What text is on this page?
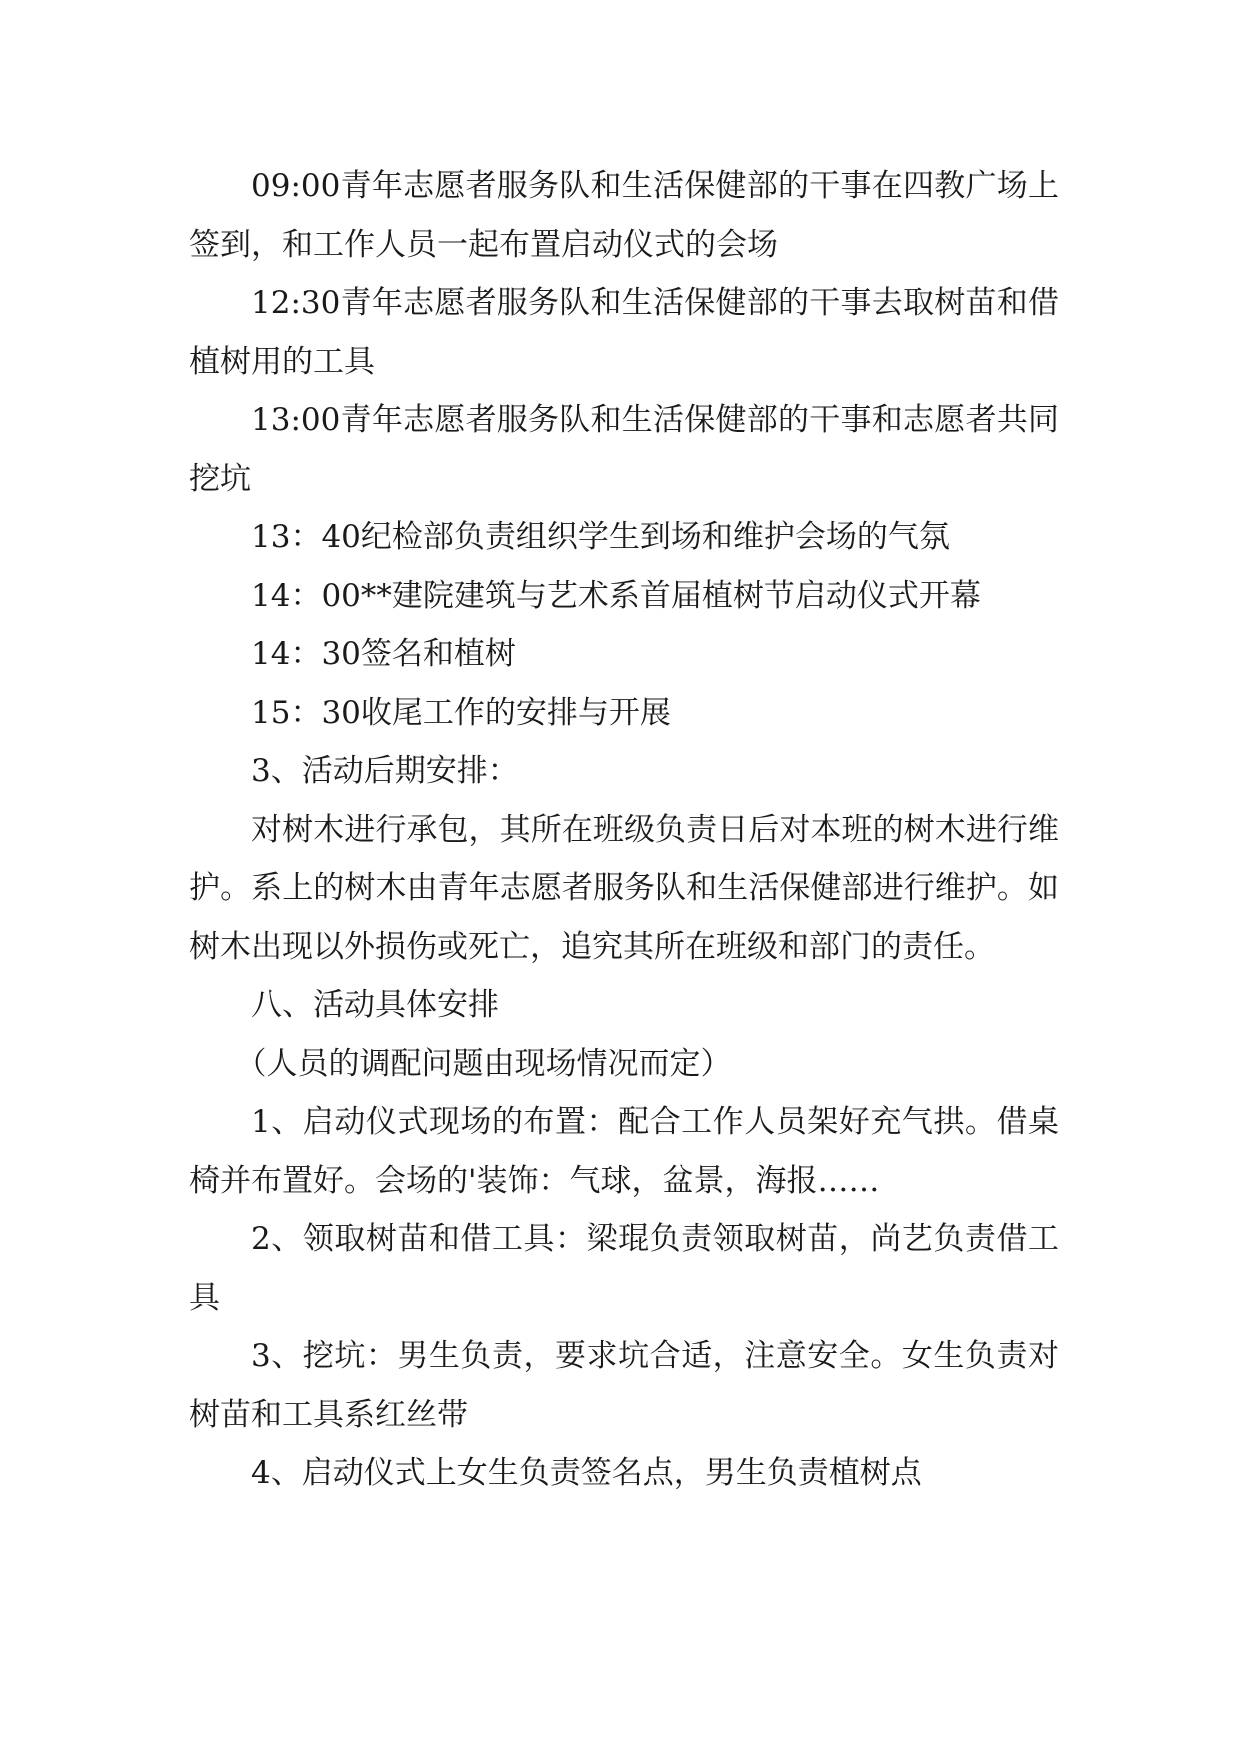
09:00青年志愿者服务队和生活保健部的干事在四教广场上签到，和工作人员一起布置启动仪式的会场

12:30青年志愿者服务队和生活保健部的干事去取树苗和借植树用的工具

13:00青年志愿者服务队和生活保健部的干事和志愿者共同挖坑

13：40纪检部负责组织学生到场和维护会场的气氛

14：00**建院建筑与艺术系首届植树节启动仪式开幕

14：30签名和植树

15：30收尾工作的安排与开展

3、活动后期安排：

对树木进行承包，其所在班级负责日后对本班的树木进行维护。系上的树木由青年志愿者服务队和生活保健部进行维护。如树木出现以外损伤或死亡，追究其所在班级和部门的责任。

八、活动具体安排

（人员的调配问题由现场情况而定）

1、启动仪式现场的布置：配合工作人员架好充气拱。借桌椅并布置好。会场的'装饰：气球，盆景，海报……

2、领取树苗和借工具：梁琨负责领取树苗，尚艺负责借工具

3、挖坑：男生负责，要求坑合适，注意安全。女生负责对树苗和工具系红丝带

4、启动仪式上女生负责签名点，男生负责植树点
